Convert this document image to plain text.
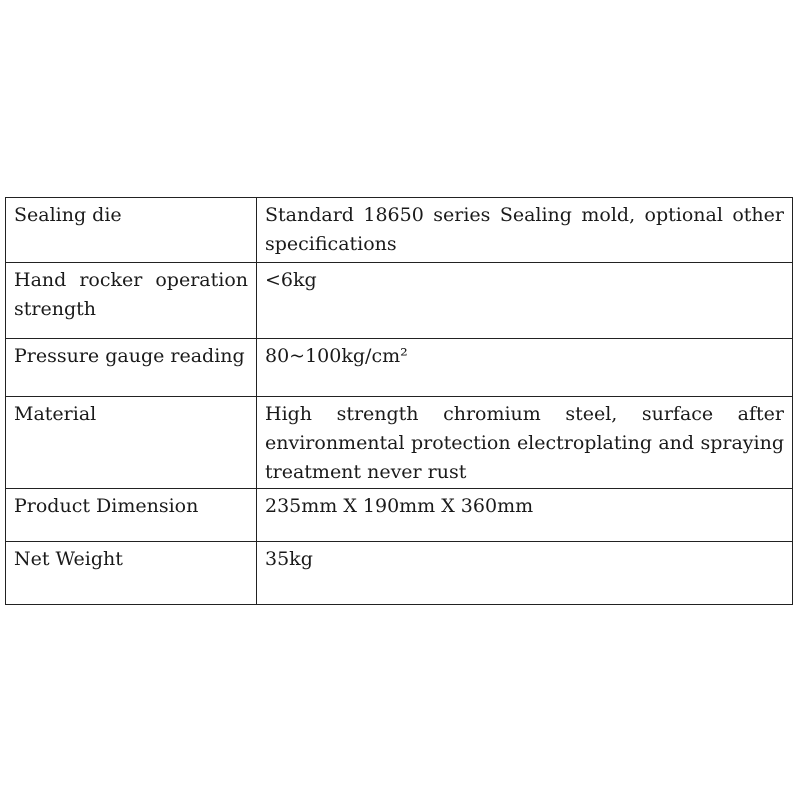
Sealing die	Standard 18650 series Sealing mold, optional other specifications
Hand rocker operation strength	<6kg
Pressure gauge reading	80~100kg/cm²
Material	High strength chromium steel, surface after environmental protection electroplating and spraying treatment never rust
Product Dimension	235mm X 190mm X 360mm
Net Weight	35kg
